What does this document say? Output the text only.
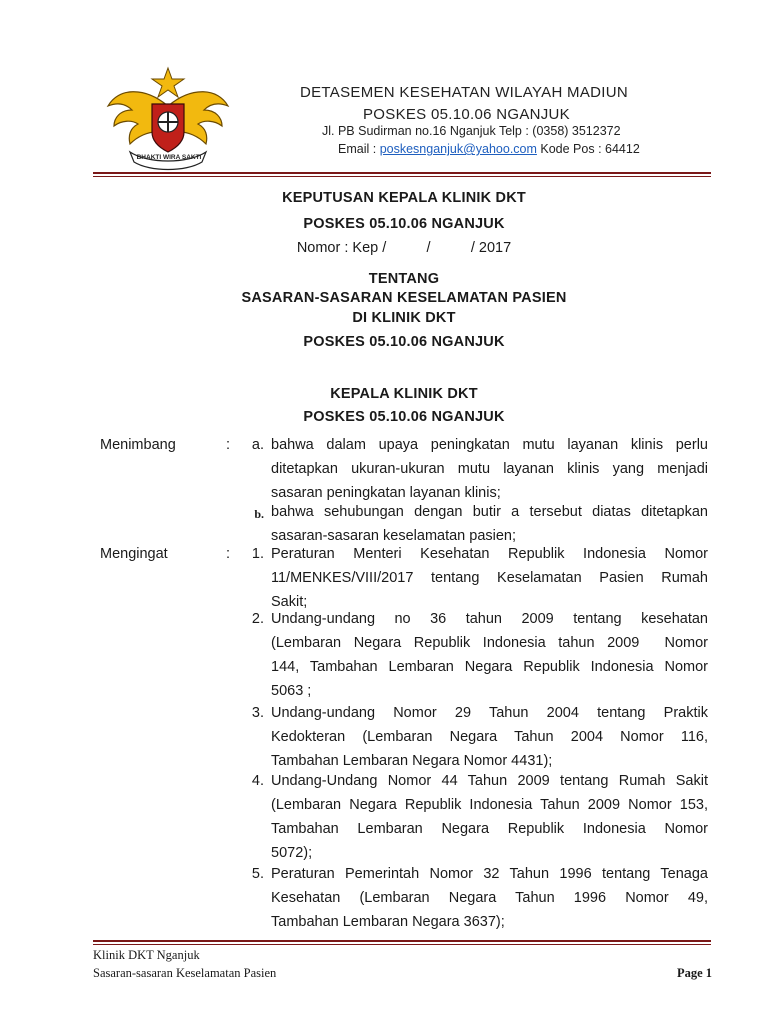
BHAKTI WIRA SAKTI
DETASEMEN KESEHATAN WILAYAH MADIUN
POSKES 05.10.06 NGANJUK
Jl. PB Sudirman no.16 Nganjuk Telp : (0358) 3512372
Email : poskesnganjuk@yahoo.com Kode Pos : 64412
KEPUTUSAN KEPALA KLINIK DKT
POSKES 05.10.06 NGANJUK
Nomor : Kep /          /          / 2017
TENTANG
SASARAN-SASARAN KESELAMATAN PASIEN
DI KLINIK DKT
POSKES 05.10.06 NGANJUK
KEPALA KLINIK DKT
POSKES 05.10.06 NGANJUK
Menimbang	:	a. bahwa dalam upaya peningkatan mutu layanan klinis perlu
ditetapkan ukuran-ukuran mutu layanan klinis yang menjadi
sasaran peningkatan layanan klinis;
b. bahwa sehubungan dengan butir a tersebut diatas ditetapkan
sasaran-sasaran keselamatan pasien;
Mengingat	:	1. Peraturan Menteri Kesehatan Republik Indonesia Nomor
11/MENKES/VIII/2017 tentang Keselamatan Pasien Rumah
Sakit;
2. Undang-undang no 36 tahun 2009 tentang kesehatan
(Lembaran Negara Republik Indonesia tahun 2009  Nomor
144, Tambahan Lembaran Negara Republik Indonesia Nomor
5063 ;
3. Undang-undang Nomor 29 Tahun 2004 tentang Praktik
Kedokteran (Lembaran Negara Tahun 2004 Nomor 116,
Tambahan Lembaran Negara Nomor 4431);
4. Undang-Undang Nomor 44 Tahun 2009 tentang Rumah Sakit
(Lembaran Negara Republik Indonesia Tahun 2009 Nomor 153,
Tambahan Lembaran Negara Republik Indonesia Nomor
5072);
5. Peraturan Pemerintah Nomor 32 Tahun 1996 tentang Tenaga
Kesehatan (Lembaran Negara Tahun 1996 Nomor 49,
Tambahan Lembaran Negara 3637);
Klinik DKT Nganjuk
Sasaran-sasaran Keselamatan Pasien	Page 1
